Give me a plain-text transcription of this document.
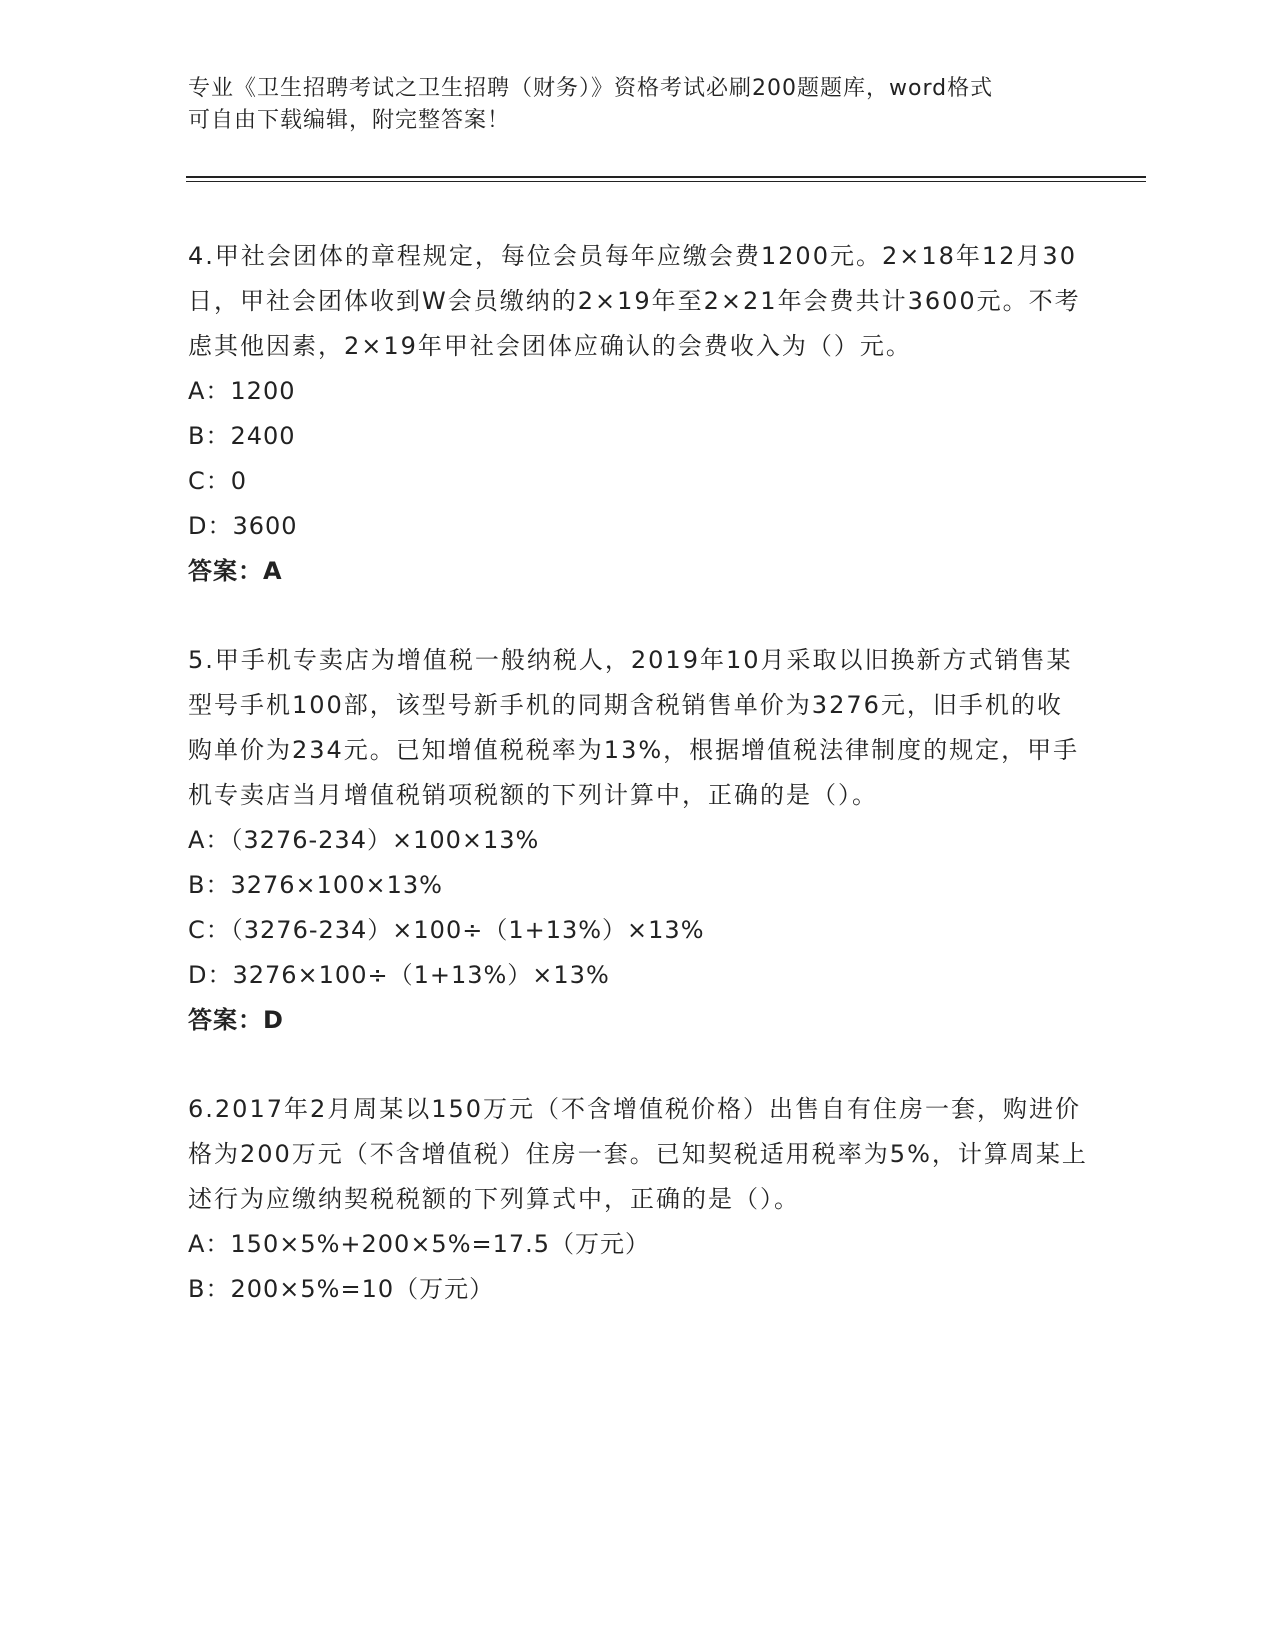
专业《卫生招聘考试之卫生招聘（财务）》资格考试必刷200题题库，word格式
可自由下载编辑，附完整答案！
4.甲社会团体的章程规定，每位会员每年应缴会费1200元。2×18年12月30日，甲社会团体收到W会员缴纳的2×19年至2×21年会费共计3600元。不考虑其他因素，2×19年甲社会团体应确认的会费收入为（）元。
A：1200
B：2400
C：0
D：3600
答案：A
5.甲手机专卖店为增值税一般纳税人，2019年10月采取以旧换新方式销售某型号手机100部，该型号新手机的同期含税销售单价为3276元，旧手机的收购单价为234元。已知增值税税率为13%，根据增值税法律制度的规定，甲手机专卖店当月增值税销项税额的下列计算中，正确的是（）。
A：（3276-234）×100×13%
B：3276×100×13%
C：（3276-234）×100÷（1+13%）×13%
D：3276×100÷（1+13%）×13%
答案：D
6.2017年2月周某以150万元（不含增值税价格）出售自有住房一套，购进价格为200万元（不含增值税）住房一套。已知契税适用税率为5%，计算周某上述行为应缴纳契税税额的下列算式中，正确的是（）。
A：150×5%+200×5%=17.5（万元）
B：200×5%=10（万元）
